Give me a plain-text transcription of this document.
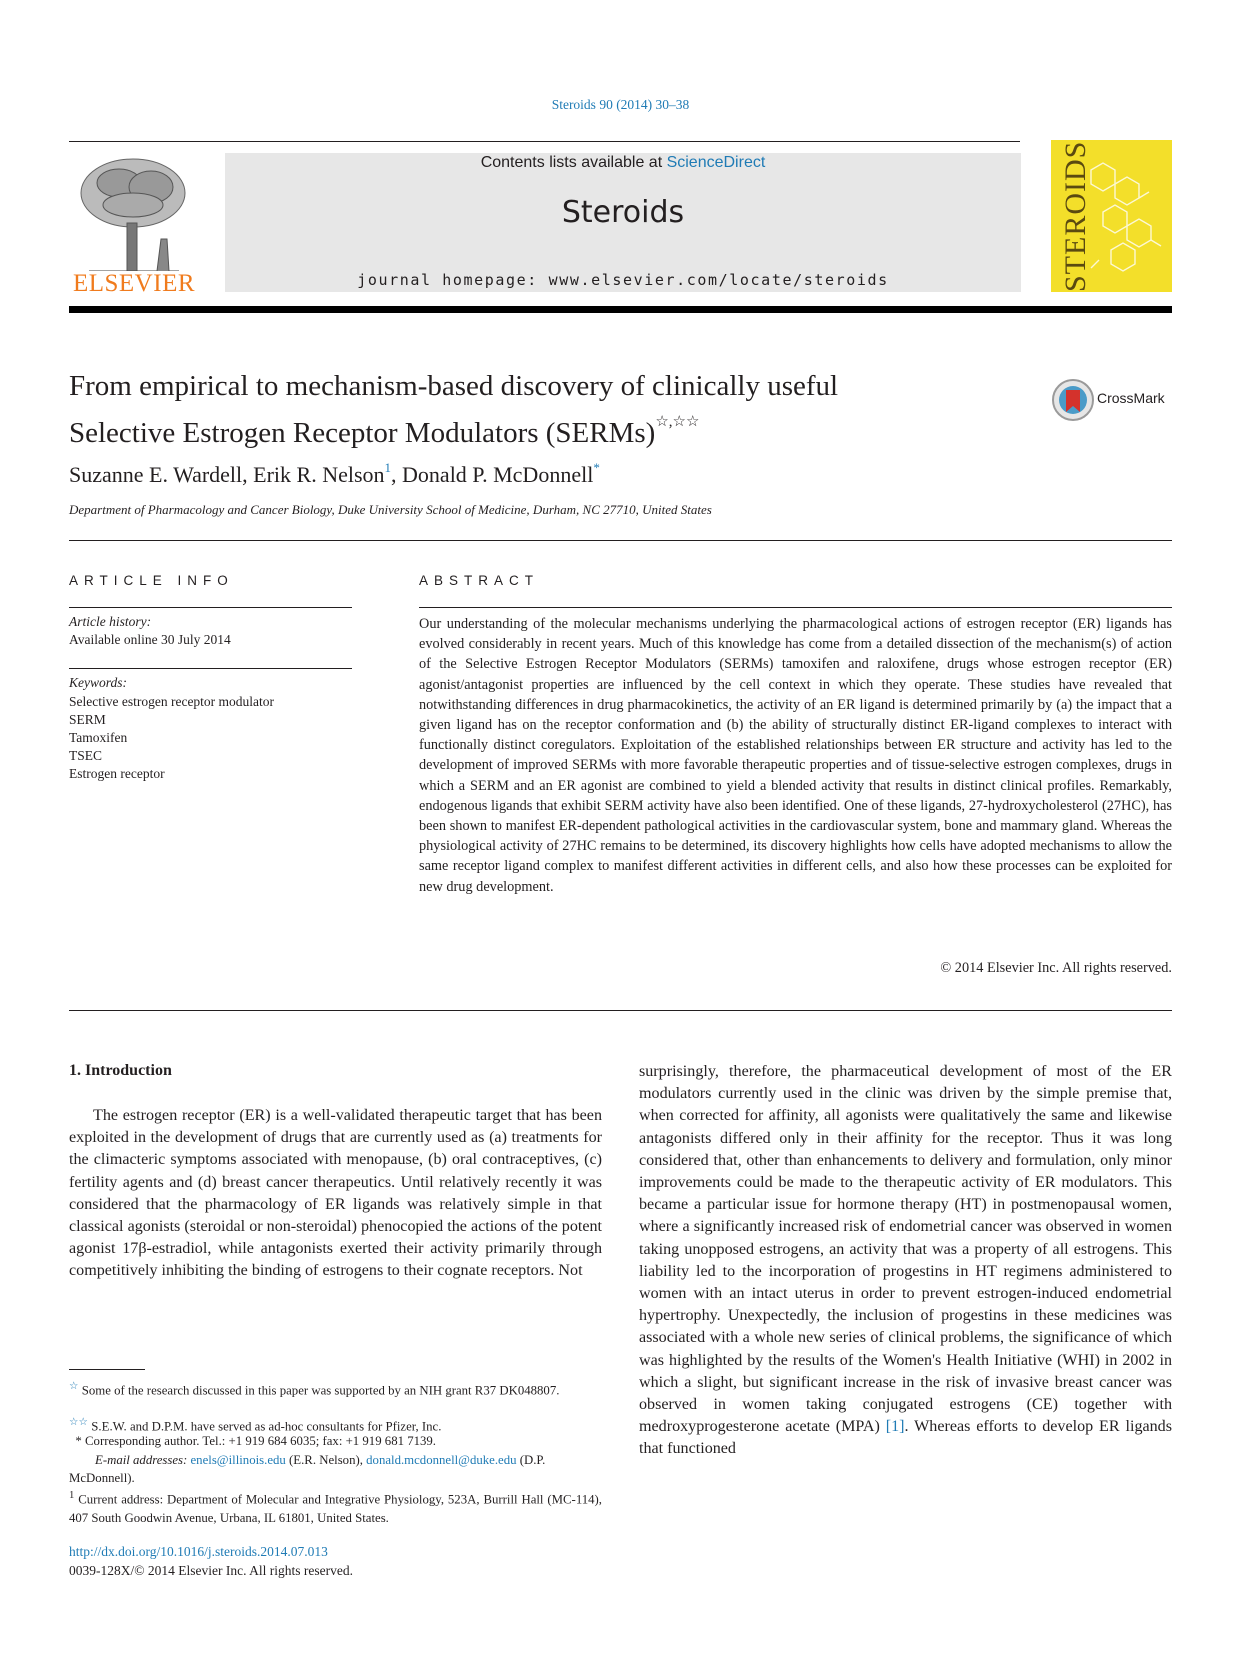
Steroids 90 (2014) 30–38
ELSEVIER
Contents lists available at ScienceDirect
Steroids
journal homepage: www.elsevier.com/locate/steroids	STEROIDS
From empirical to mechanism-based discovery of clinically useful
Selective Estrogen Receptor Modulators (SERMs)☆,☆☆
CrossMark
Suzanne E. Wardell, Erik R. Nelson$^1$, Donald P. McDonnell*
Department of Pharmacology and Cancer Biology, Duke University School of Medicine, Durham, NC 27710, United States
ARTICLE INFO
Article history:
Available online 30 July 2014
Keywords:
Selective estrogen receptor modulator
SERM
Tamoxifen
TSEC
Estrogen receptor
ABSTRACT
Our understanding of the molecular mechanisms underlying the pharmacological actions of estrogen receptor (ER) ligands has evolved considerably in recent years. Much of this knowledge has come from a detailed dissection of the mechanism(s) of action of the Selective Estrogen Receptor Modulators (SERMs) tamoxifen and raloxifene, drugs whose estrogen receptor (ER) agonist/antagonist properties are influenced by the cell context in which they operate. These studies have revealed that notwithstanding differences in drug pharmacokinetics, the activity of an ER ligand is determined primarily by (a) the impact that a given ligand has on the receptor conformation and (b) the ability of structurally distinct ER-ligand complexes to interact with functionally distinct coregulators. Exploitation of the established relationships between ER structure and activity has led to the development of improved SERMs with more favorable therapeutic properties and of tissue-selective estrogen complexes, drugs in which a SERM and an ER agonist are combined to yield a blended activity that results in distinct clinical profiles. Remarkably, endogenous ligands that exhibit SERM activity have also been identified. One of these ligands, 27-hydroxycholesterol (27HC), has been shown to manifest ER-dependent pathological activities in the cardiovascular system, bone and mammary gland. Whereas the physiological activity of 27HC remains to be determined, its discovery highlights how cells have adopted mechanisms to allow the same receptor ligand complex to manifest different activities in different cells, and also how these processes can be exploited for new drug development.
© 2014 Elsevier Inc. All rights reserved.
1. Introduction
The estrogen receptor (ER) is a well-validated therapeutic target that has been exploited in the development of drugs that are currently used as (a) treatments for the climacteric symptoms associated with menopause, (b) oral contraceptives, (c) fertility agents and (d) breast cancer therapeutics. Until relatively recently it was considered that the pharmacology of ER ligands was relatively simple in that classical agonists (steroidal or non-steroidal) phenocopied the actions of the potent agonist 17β-estradiol, while antagonists exerted their activity primarily through competitively inhibiting the binding of estrogens to their cognate receptors. Not
surprisingly, therefore, the pharmaceutical development of most of the ER modulators currently used in the clinic was driven by the simple premise that, when corrected for affinity, all agonists were qualitatively the same and likewise antagonists differed only in their affinity for the receptor. Thus it was long considered that, other than enhancements to delivery and formulation, only minor improvements could be made to the therapeutic activity of ER modulators. This became a particular issue for hormone therapy (HT) in postmenopausal women, where a significantly increased risk of endometrial cancer was observed in women taking unopposed estrogens, an activity that was a property of all estrogens. This liability led to the incorporation of progestins in HT regimens administered to women with an intact uterus in order to prevent estrogen-induced endometrial hypertrophy. Unexpectedly, the inclusion of progestins in these medicines was associated with a whole new series of clinical problems, the significance of which was highlighted by the results of the Women's Health Initiative (WHI) in 2002 in which a slight, but significant increase in the risk of invasive breast cancer was observed in women taking conjugated estrogens (CE) together with medroxyprogesterone acetate (MPA) [1]. Whereas efforts to develop ER ligands that functioned
☆ Some of the research discussed in this paper was supported by an NIH grant R37 DK048807.
☆☆ S.E.W. and D.P.M. have served as ad-hoc consultants for Pfizer, Inc.
* Corresponding author. Tel.: +1 919 684 6035; fax: +1 919 681 7139.
E-mail addresses: enels@illinois.edu (E.R. Nelson), donald.mcdonnell@duke.edu (D.P. McDonnell).
$^1$ Current address: Department of Molecular and Integrative Physiology, 523A, Burrill Hall (MC-114), 407 South Goodwin Avenue, Urbana, IL 61801, United States.
http://dx.doi.org/10.1016/j.steroids.2014.07.013
0039-128X/© 2014 Elsevier Inc. All rights reserved.
